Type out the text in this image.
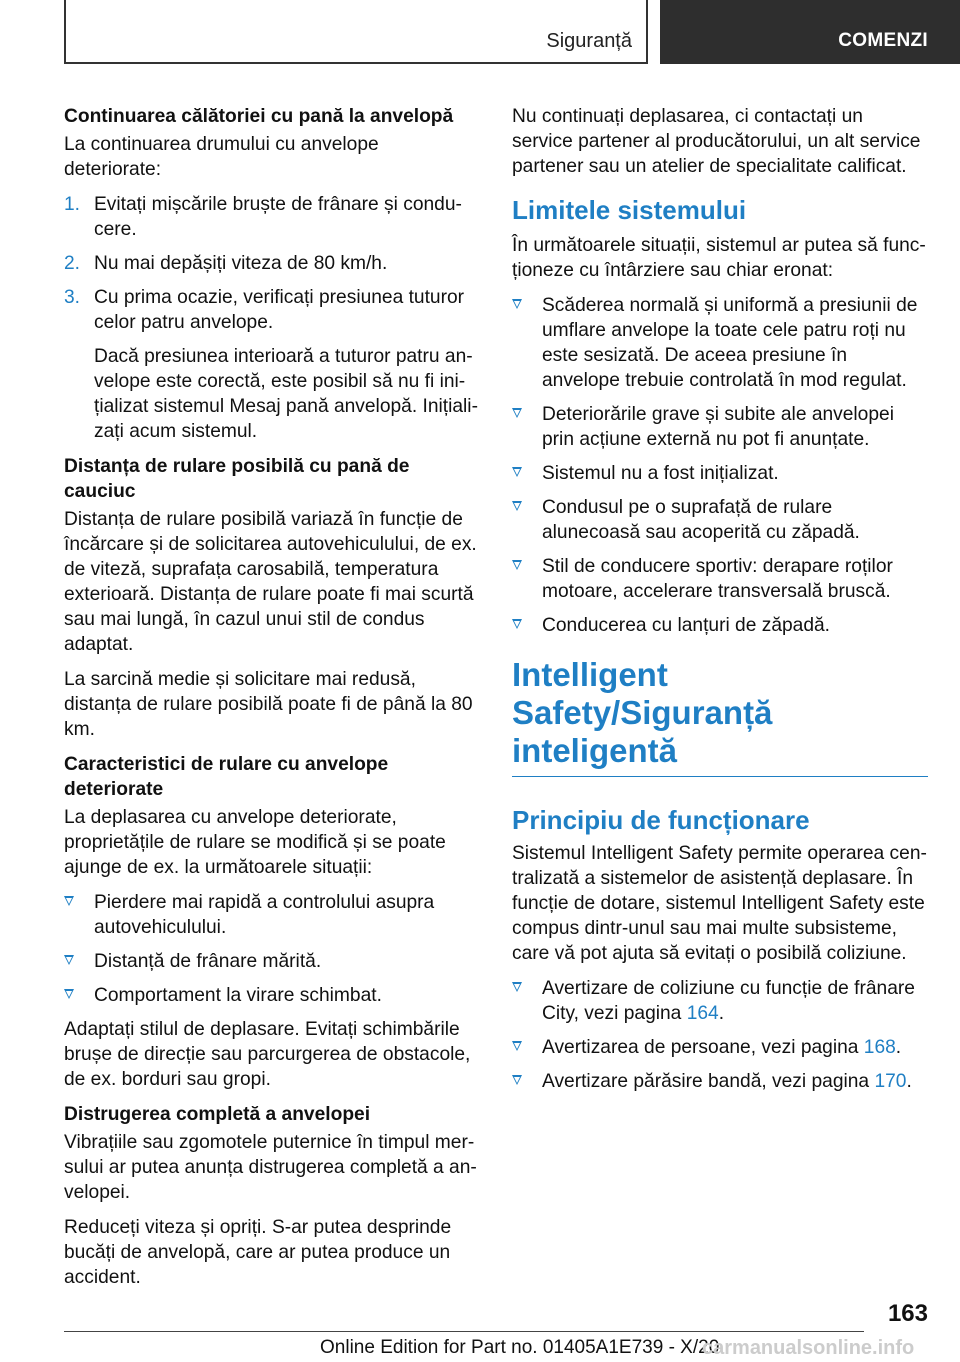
Siguranță	COMENZI
Continuarea călătoriei cu pană la anvelopă

La continuarea drumului cu anvelope deteriorate:

1. Evitați mișcările bruște de frânare și conducere.
2. Nu mai depășiți viteza de 80 km/h.
3. Cu prima ocazie, verificați presiunea tuturor celor patru anvelope.

Dacă presiunea interioară a tuturor patru anvelope este corectă, este posibil să nu fi inițializat sistemul Mesaj pană anvelopă. Inițializați acum sistemul.

Distanța de rulare posibilă cu pană de cauciuc

Distanța de rulare posibilă variază în funcție de încărcare și de solicitarea autovehiculului, de ex. de viteză, suprafața carosabilă, temperatura exterioară. Distanța de rulare poate fi mai scurtă sau mai lungă, în cazul unui stil de condus adaptat.

La sarcină medie și solicitare mai redusă, distanța de rulare posibilă poate fi de până la 80 km.

Caracteristici de rulare cu anvelope deteriorate

La deplasarea cu anvelope deteriorate, proprietățile de rulare se modifică și se poate ajunge de ex. la următoarele situații:

Pierdere mai rapidă a controlului asupra autovehiculului.
Distanță de frânare mărită.
Comportament la virare schimbat.

Adaptați stilul de deplasare. Evitați schimbările brușe de direcție sau parcurgerea de obstacole, de ex. borduri sau gropi.

Distrugerea completă a anvelopei

Vibrațiile sau zgomotele puternice în timpul mersului ar putea anunța distrugerea completă a anvelopei.

Reduceți viteza și opriți. S-ar putea desprinde bucăți de anvelopă, care ar putea produce un accident.

Nu continuați deplasarea, ci contactați un service partener al producătorului, un alt service partener sau un atelier de specialitate calificat.

Limitele sistemului

În următoarele situații, sistemul ar putea să funcționeze cu întârziere sau chiar eronat:

Scăderea normală și uniformă a presiunii de umflare anvelope la toate cele patru roți nu este sesizată. De aceea presiune în anvelope trebuie controlată în mod regulat.
Deteriorările grave și subite ale anvelopei prin acțiune externă nu pot fi anunțate.
Sistemul nu a fost inițializat.
Condusul pe o suprafață de rulare alunecoasă sau acoperită cu zăpadă.
Stil de conducere sportiv: derapare roților motoare, accelerare transversală bruscă.
Conducerea cu lanțuri de zăpadă.
Intelligent Safety/Siguranță inteligentă
Principiu de funcționare

Sistemul Intelligent Safety permite operarea centralizată a sistemelor de asistență deplasare. În funcție de dotare, sistemul Intelligent Safety este compus dintr-unul sau mai multe subsisteme, care vă pot ajuta să evitați o posibilă coliziune.

Avertizare de coliziune cu funcție de frânare City, vezi pagina 164.
Avertizarea de persoane, vezi pagina 168.
Avertizare părăsire bandă, vezi pagina 170.
163
Online Edition for Part no. 01405A1E739 - X/20
carmanualsonline.info
